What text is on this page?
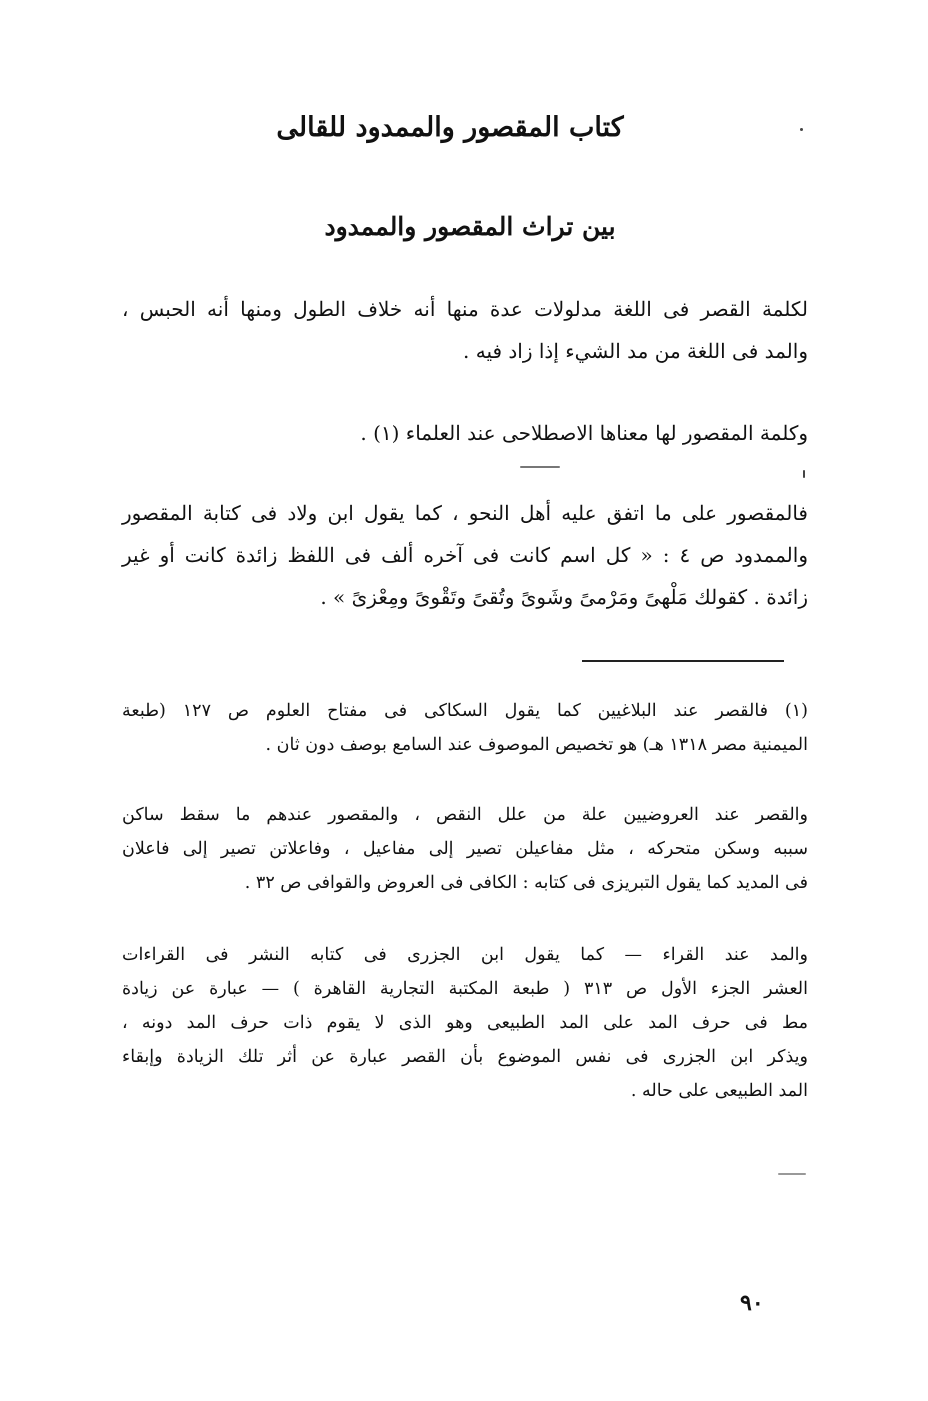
كتاب المقصور والممدود للقالى
بين تراث المقصور والممدود
لكلمة القصر فى اللغة مدلولات عدة منها أنه خلاف الطول ومنها أنه الحبس ،
والمد فى اللغة من مد الشيء إذا زاد فيه .
وكلمة المقصور لها معناها الاصطلاحى عند العلماء (١) .
فالمقصور على ما اتفق عليه أهل النحو ، كما يقول ابن ولاد فى كتابة المقصور
والممدود ص ٤ : « كل اسم كانت فى آخره ألف فى اللفظ زائدة كانت أو غير
زائدة . كقولك مَلْهىً ومَرْمىً وشَوىً وتُقىً وتَقْوىً ومِعْزىً » .
(١) فالقصر عند البلاغيين كما يقول السكاكى فى مفتاح العلوم ص ١٢٧ (طبعة
الميمنية مصر ١٣١٨ هـ) هو تخصيص الموصوف عند السامع بوصف دون ثان .
والقصر عند العروضيين علة من علل النقص ، والمقصور عندهم ما سقط ساكن
سببه وسكن متحركه ، مثل مفاعيلن تصير إلى مفاعيل ، وفاعلاتن تصير إلى فاعلان
فى المديد كما يقول التبريزى فى كتابه : الكافى فى العروض والقوافى ص ٣٢ .
والمد عند القراء — كما يقول ابن الجزرى فى كتابه النشر فى القراءات
العشر الجزء الأول ص ٣١٣ ( طبعة المكتبة التجارية القاهرة ) — عبارة عن زيادة
مط فى حرف المد على المد الطبيعى وهو الذى لا يقوم ذات حرف المد دونه ،
ويذكر ابن الجزرى فى نفس الموضوع بأن القصر عبارة عن أثر تلك الزيادة وإبقاء
المد الطبيعى على حاله .
٩٠
